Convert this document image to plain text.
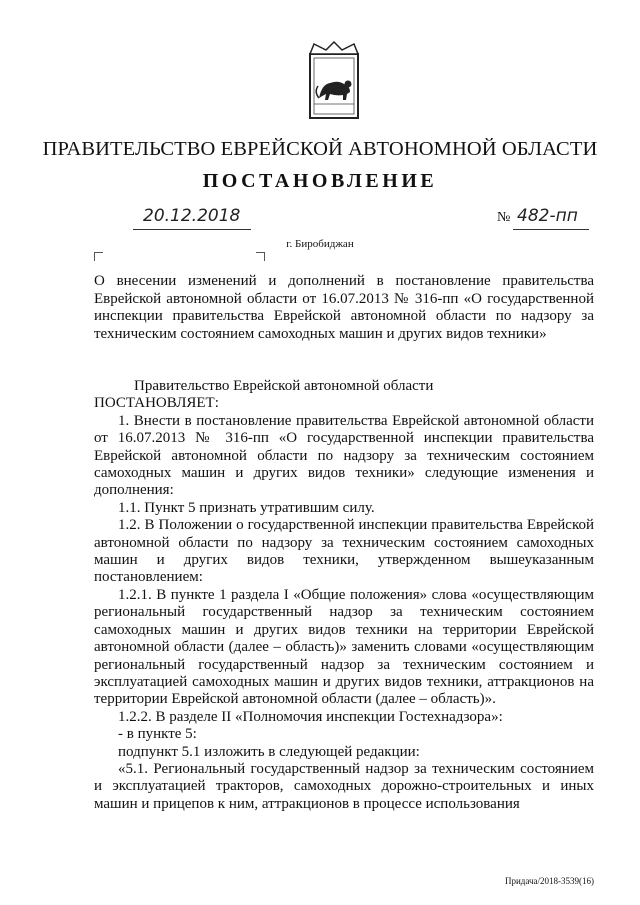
ПРАВИТЕЛЬСТВО ЕВРЕЙСКОЙ АВТОНОМНОЙ ОБЛАСТИ
ПОСТАНОВЛЕНИЕ
20.12.2018	№ 482-пп
г. Биробиджан
О внесении изменений и дополнений в постановление правительства Еврейской автономной области от 16.07.2013 № 316-пп «О государственной инспекции правительства Еврейской автономной области по надзору за техническим состоянием самоходных машин и других видов техники»

Правительство Еврейской автономной области

ПОСТАНОВЛЯЕТ:

1. Внести в постановление правительства Еврейской автономной области от 16.07.2013 № 316-пп «О государственной инспекции правительства Еврейской автономной области по надзору за техническим состоянием самоходных машин и других видов техники» следующие изменения и дополнения:

1.1. Пункт 5 признать утратившим силу.

1.2. В Положении о государственной инспекции правительства Еврейской автономной области по надзору за техническим состоянием самоходных машин и других видов техники, утвержденном вышеуказанным постановлением:

1.2.1. В пункте 1 раздела I «Общие положения» слова «осуществляющим региональный государственный надзор за техническим состоянием самоходных машин и других видов техники на территории Еврейской автономной области (далее – область)» заменить словами «осуществляющим региональный государственный надзор за техническим состоянием и эксплуатацией самоходных машин и других видов техники, аттракционов на территории Еврейской автономной области (далее – область)».

1.2.2. В разделе II «Полномочия инспекции Гостехнадзора»:

- в пункте 5:

подпункт 5.1 изложить в следующей редакции:

«5.1. Региональный государственный надзор за техническим состоянием и эксплуатацией тракторов, самоходных дорожно-строительных и иных машин и прицепов к ним, аттракционов в процессе использования

Придача/2018-3539(16)
